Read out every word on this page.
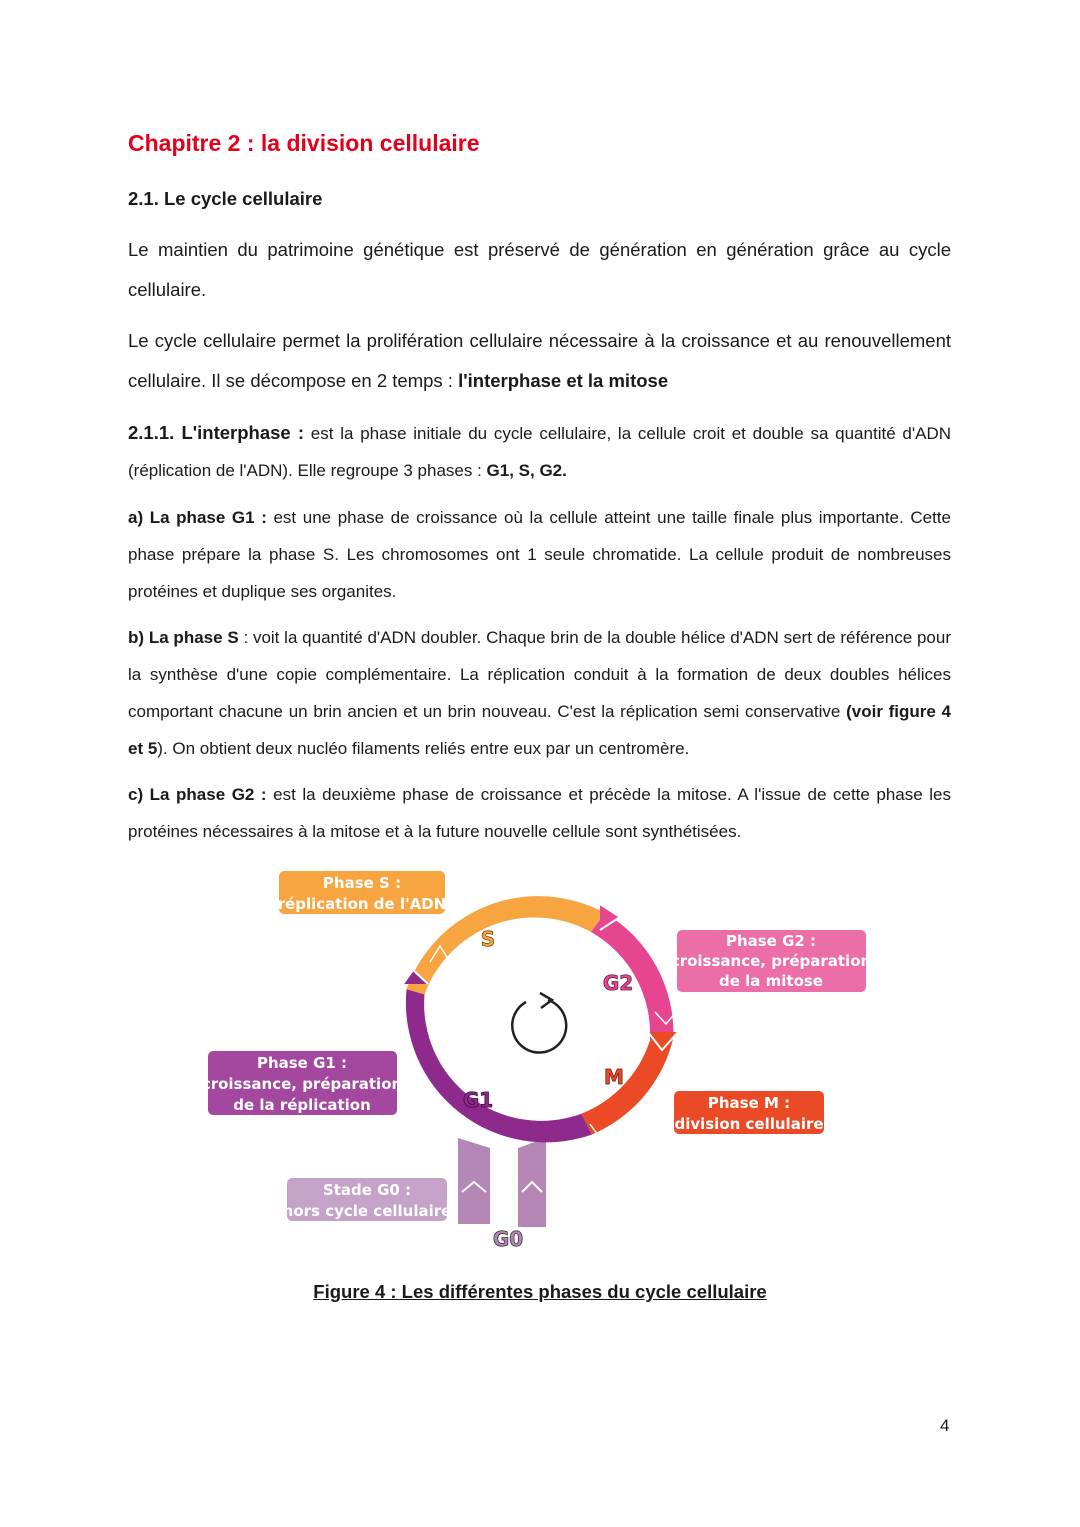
Chapitre 2 : la division cellulaire
2.1. Le cycle cellulaire

Le maintien du patrimoine génétique est préservé de génération en génération grâce au cycle cellulaire.

Le cycle cellulaire permet la prolifération cellulaire nécessaire à la croissance et au renouvellement cellulaire. Il se décompose en 2 temps : l'interphase et la mitose

2.1.1. L'interphase : est la phase initiale du cycle cellulaire, la cellule croit et double sa quantité d'ADN (réplication de l'ADN). Elle regroupe 3 phases : G1, S, G2.

a) La phase G1 : est une phase de croissance où la cellule atteint une taille finale plus importante. Cette phase prépare la phase S. Les chromosomes ont 1 seule chromatide. La cellule produit de nombreuses protéines et duplique ses organites.

b) La phase S : voit la quantité d'ADN doubler. Chaque brin de la double hélice d'ADN sert de référence pour la synthèse d'une copie complémentaire. La réplication conduit à la formation de deux doubles hélices comportant chacune un brin ancien et un brin nouveau. C'est la réplication semi conservative (voir figure 4 et 5). On obtient deux nucléo filaments reliés entre eux par un centromère.

c) La phase G2 : est la deuxième phase de croissance et précède la mitose. A l'issue de cette phase les protéines nécessaires à la mitose et à la future nouvelle cellule sont synthétisées.

S
G2
M
G1
G0
Phase S :
réplication de l'ADN
Phase G2 :
croissance, préparation
de la mitose
Phase G1 :
croissance, préparation
de la réplication	Phase M :
division cellulaire
Stade G0 :
hors cycle cellulaire

Figure 4 : Les différentes phases du cycle cellulaire

4
